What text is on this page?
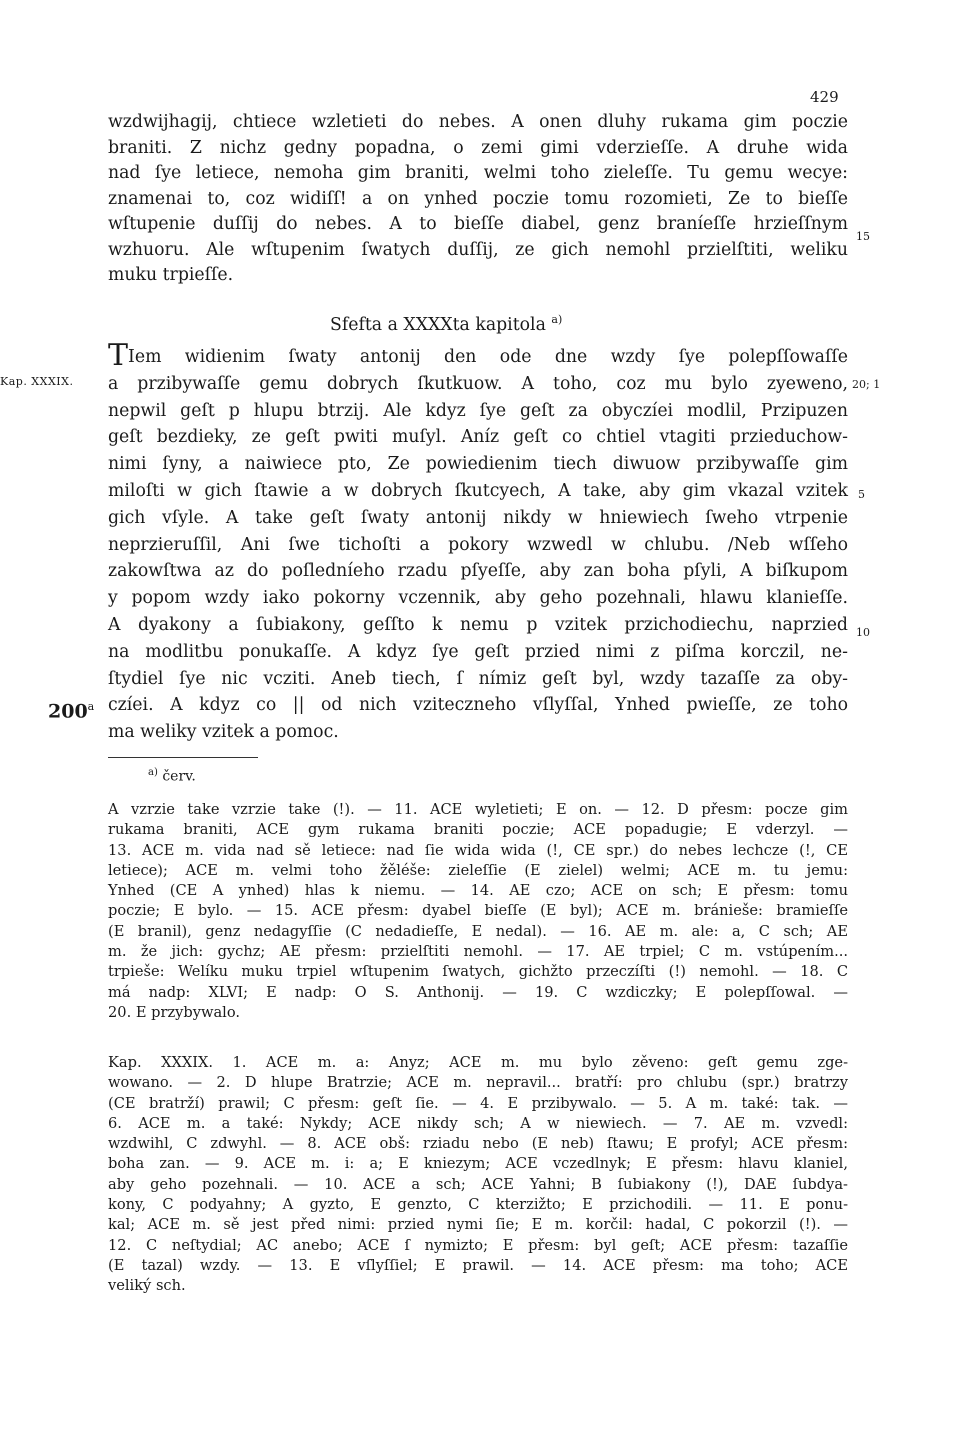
429
wzdwijhagij, chtiece wzletieti do nebes. A onen dluhy rukama gim poczie
braniti. Z nichz gedny popadna, o zemi gimi vderzieſſe. A druhe wida
nad ſye letiece, nemoha gim braniti, welmi toho zieleſſe. Tu gemu wecye:
znamenai to, coz widiſſ! a on ynhed poczie tomu rozomieti, Ze to bieſſe
wſtupenie duſſij do nebes. A to bieſſe diabel, genz braníeſſe hrzieſſnym
wzhuoru. Ale wſtupenim ſwatych duſſij, ze gich nemohl przielſtiti, weliku
muku trpieſſe.
15
Sfefta a XXXXta kapitola $^{a)}$
Kap. XXXIX.
TIem widienim ſwaty antonij den ode dne wzdy ſye polepſſowaſſe
a przibywaſſe gemu dobrych ſkutkuow. A toho, coz mu bylo zyeweno,
nepwil geſt p hlupu btrzij. Ale kdyz ſye geſt za obyczíei modlil, Przipuzen
geſt bezdieky, ze geſt pwiti muſyl. Aníz geſt co chtiel vtagiti przieduchow-
nimi ſyny, a naiwiece pto, Ze powiedienim tiech diwuow przibywaſſe gim
miloſti w gich ſtawie a w dobrych ſkutcyech, A take, aby gim vkazal vzitek
gich vſyle. A take geſt ſwaty antonij nikdy w hniewiech ſweho vtrpenie
neprzieruſſil, Ani ſwe tichoſti a pokory wzwedl w chlubu. /Neb wſſeho
zakowſtwa az do poſledníeho rzadu pſyeſſe, aby zan boha pſyli, A biſkupom
y popom wzdy iako pokorny vczennik, aby geho pozehnali, hlawu klanieſſe.
A dyakony a ſubiakony, geſſto k nemu p vzitek przichodiechu, naprzied
na modlitbu ponukaſſe. A kdyz ſye geſt przied nimi z piſma korczil, ne-
ſtydiel ſye nic vcziti. Aneb tiech, ſ nímiz geſt byl, wzdy tazaſſe za oby-
czíei. A kdyz co || od nich vziteczneho vſlyſſal, Ynhed pwieſſe, ze toho
ma weliky vzitek a pomoc.
20; 1
5
10
200$^a$
$^{a)}$ červ.
A vzrzie take vzrzie take (!). — 11. ACE wyletieti; E on. — 12. D přesm: pocze gim
rukama braniti, ACE gym rukama braniti poczie; ACE popadugie; E vderzyl. —
13. ACE m. vida nad sě letiece: nad ſie wida wida (!, CE spr.) do nebes lechcze (!, CE
letiece); ACE m. velmi toho žěléše: zieleſſie (E zielel) welmi; ACE m. tu jemu:
Ynhed (CE A ynhed) hlas k niemu. — 14. AE czo; ACE on sch; E přesm: tomu
poczie; E bylo. — 15. ACE přesm: dyabel bieſſe (E byl); ACE m. bránieše: bramieſſe
(E branil), genz nedagyſſie (C nedadieſſe, E nedal). — 16. AE m. ale: a, C sch; AE
m. že jich: gychz; AE přesm: przielſtiti nemohl. — 17. AE trpiel; C m. vstúpením...
trpieše: Welíku muku trpiel wſtupenim ſwatych, gichžto przeczíſti (!) nemohl. — 18. C
má nadp: XLVI; E nadp: O S. Anthonij. — 19. C wzdiczky; E polepſſowal. —
20. E przybywalo.
Kap. XXXIX. 1. ACE m. a: Anyz; ACE m. mu bylo zěveno: geſt gemu zge-
wowano. — 2. D hlupe Bratrzie; ACE m. nepravil... bratří: pro chlubu (spr.) bratrzy
(CE bratrží) prawil; C přesm: geſt ſie. — 4. E przibywalo. — 5. A m. také: tak. —
6. ACE m. a také: Nykdy; ACE nikdy sch; A w niewiech. — 7. AE m. vzvedl:
wzdwihl, C zdwyhl. — 8. ACE obš: rziadu nebo (E neb) ſtawu; E profyl; ACE přesm:
boha zan. — 9. ACE m. i: a; E kniezym; ACE vczedlnyk; E přesm: hlavu klaniel,
aby geho pozehnali. — 10. ACE a sch; ACE Yahni; B ſubiakony (!), DAE ſubdya-
kony, C podyahny; A gyzto, E genzto, C kterzižto; E przichodili. — 11. E ponu-
kal; ACE m. sě jest před nimi: przied nymi ſie; E m. korčil: hadal, C pokorzil (!). —
12. C neſtydial; AC anebo; ACE ſ nymizto; E přesm: byl geſt; ACE přesm: tazaſſie
(E tazal) wzdy. — 13. E vſlyſſiel; E prawil. — 14. ACE přesm: ma toho; ACE
veliký sch.
